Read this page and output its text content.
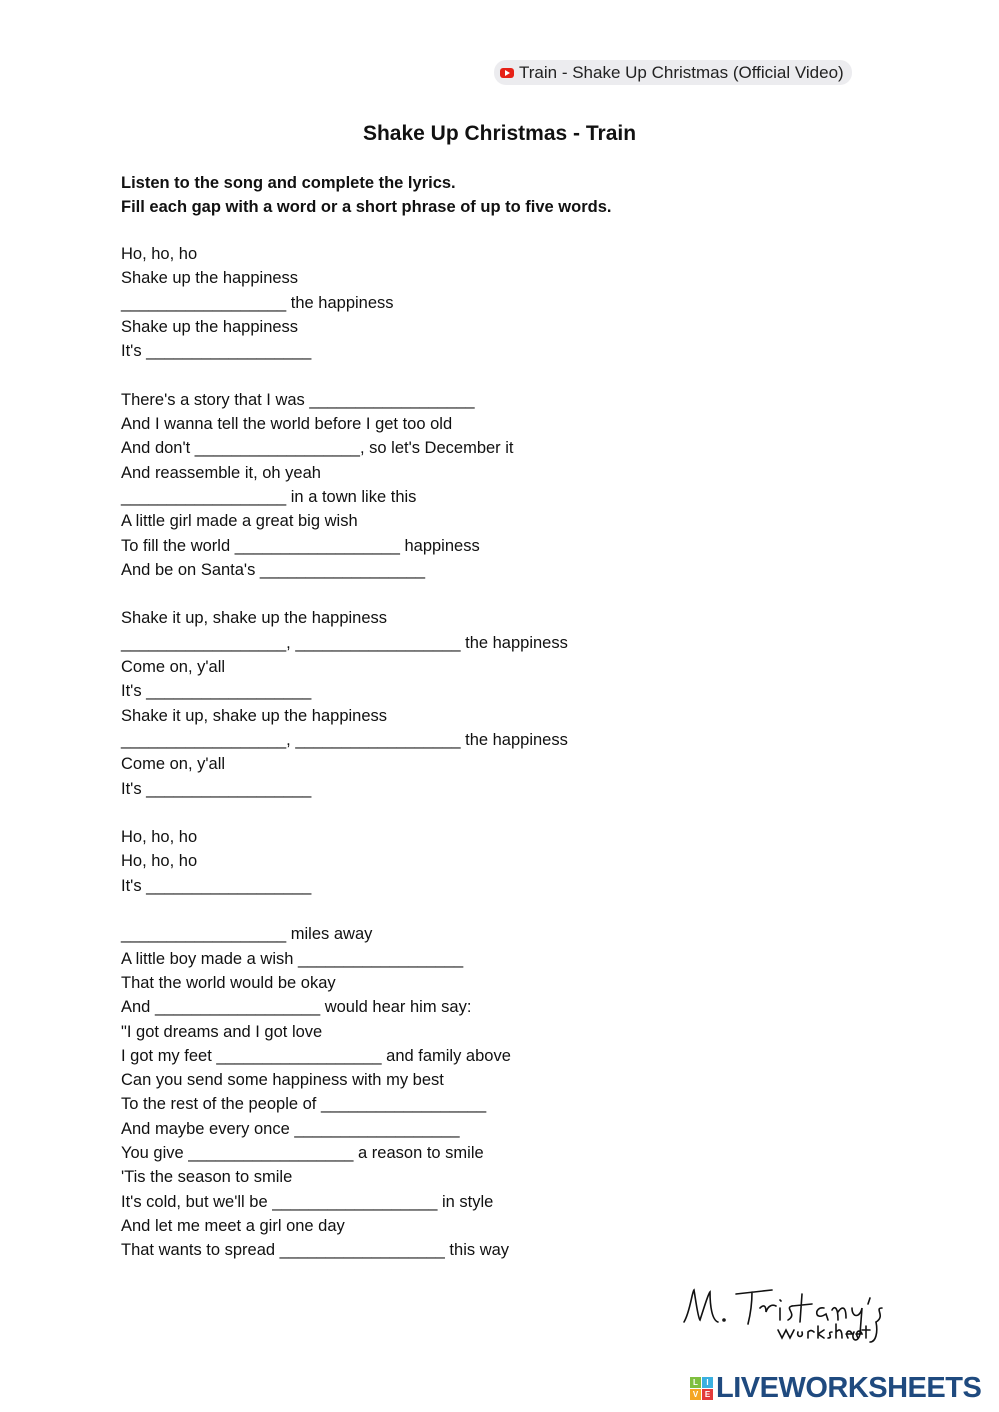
Train - Shake Up Christmas (Official Video)
Shake Up Christmas - Train
Listen to the song and complete the lyrics.
Fill each gap with a word or a short phrase of up to five words.
Ho, ho, ho
Shake up the happiness
__________________ the happiness
Shake up the happiness
It's __________________
There's a story that I was __________________
And I wanna tell the world before I get too old
And don't __________________, so let's December it
And reassemble it, oh yeah
__________________ in a town like this
A little girl made a great big wish
To fill the world __________________ happiness
And be on Santa's __________________
Shake it up, shake up the happiness
__________________, __________________ the happiness
Come on, y'all
It's __________________
Shake it up, shake up the happiness
__________________, __________________ the happiness
Come on, y'all
It's __________________
Ho, ho, ho
Ho, ho, ho
It's __________________
__________________ miles away
A little boy made a wish __________________
That the world would be okay
And __________________ would hear him say:
"I got dreams and I got love
I got my feet __________________ and family above
Can you send some happiness with my best
To the rest of the people of __________________
And maybe every once __________________
You give __________________ a reason to smile
'Tis the season to smile
It's cold, but we'll be __________________ in style
And let me meet a girl one day
That wants to spread __________________ this way
L	I
V E LIVEWORKSHEETS
